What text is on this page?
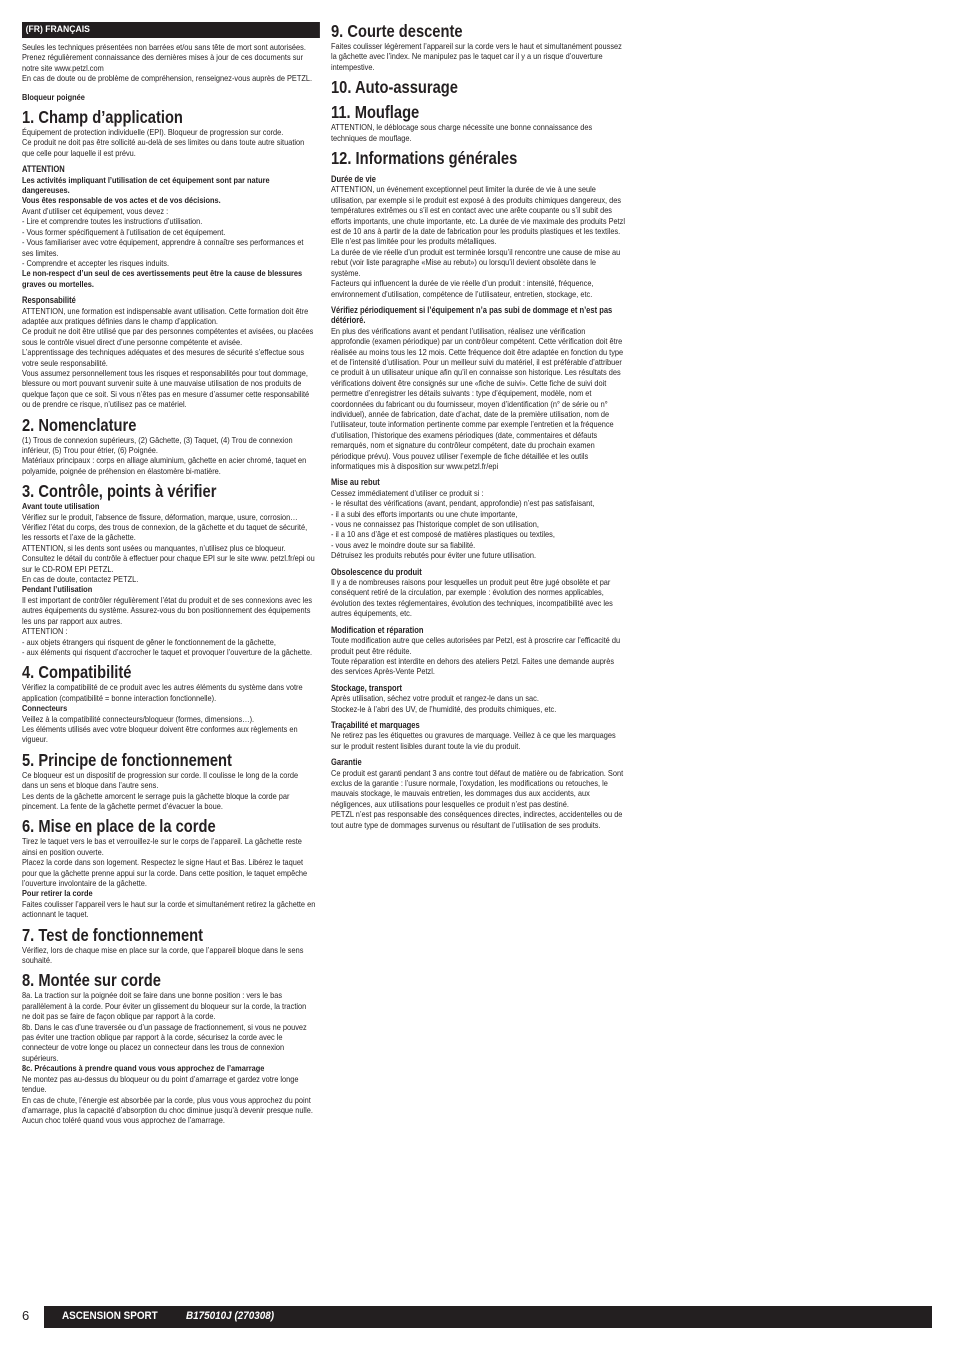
(FR) FRANÇAIS

Seules les techniques présentées non barrées et/ou sans tête de mort sont autorisées. Prenez régulièrement connaissance des dernières mises à jour de ces documents sur notre site www.petzl.com

En cas de doute ou de problème de compréhension, renseignez-vous auprès de PETZL.

Bloqueur poignée

1. Champ d’application

Équipement de protection individuelle (EPI). Bloqueur de progression sur corde.

Ce produit ne doit pas être sollicité au-delà de ses limites ou dans toute autre situation que celle pour laquelle il est prévu.

ATTENTION

Les activités impliquant l’utilisation de cet équipement sont par nature dangereuses.

Vous êtes responsable de vos actes et de vos décisions.

Avant d’utiliser cet équipement, vous devez :

- Lire et comprendre toutes les instructions d’utilisation.

- Vous former spécifiquement à l’utilisation de cet équipement.

- Vous familiariser avec votre équipement, apprendre à connaître ses performances et ses limites.

- Comprendre et accepter les risques induits.

Le non-respect d’un seul de ces avertissements peut être la cause de blessures graves ou mortelles.

Responsabilité

ATTENTION, une formation est indispensable avant utilisation. Cette formation doit être adaptée aux pratiques définies dans le champ d’application.

Ce produit ne doit être utilisé que par des personnes compétentes et avisées, ou placées sous le contrôle visuel direct d’une personne compétente et avisée.

L’apprentissage des techniques adéquates et des mesures de sécurité s’effectue sous votre seule responsabilité.

Vous assumez personnellement tous les risques et responsabilités pour tout dommage, blessure ou mort pouvant survenir suite à une mauvaise utilisation de nos produits de quelque façon que ce soit. Si vous n’êtes pas en mesure d’assumer cette responsabilité ou de prendre ce risque, n’utilisez pas ce matériel.

2. Nomenclature

(1) Trous de connexion supérieurs, (2) Gâchette, (3) Taquet, (4) Trou de connexion inférieur, (5) Trou pour étrier, (6) Poignée.

Matériaux principaux : corps en alliage aluminium, gâchette en acier chromé, taquet en polyamide, poignée de préhension en élastomère bi-matière.

3. Contrôle, points à vérifier

Avant toute utilisation

Vérifiez sur le produit, l’absence de fissure, déformation, marque, usure, corrosion…

Vérifiez l’état du corps, des trous de connexion, de la gâchette et du taquet de sécurité, les ressorts et l’axe de la gâchette.

ATTENTION, si les dents sont usées ou manquantes, n’utilisez plus ce bloqueur.

Consultez le détail du contrôle à effectuer pour chaque EPI sur le site www. petzl.fr/epi ou sur le CD-ROM EPI PETZL.

En cas de doute, contactez PETZL.

Pendant l’utilisation

Il est important de contrôler régulièrement l’état du produit et de ses connexions avec les autres équipements du système. Assurez-vous du bon positionnement des équipements les uns par rapport aux autres.

ATTENTION :

- aux objets étrangers qui risquent de gêner le fonctionnement de la gâchette,

- aux éléments qui risquent d’accrocher le taquet et provoquer l’ouverture de la gâchette.

4. Compatibilité

Vérifiez la compatibilité de ce produit avec les autres éléments du système dans votre application (compatibilité = bonne interaction fonctionnelle).

Connecteurs

Veillez à la compatibilité connecteurs/bloqueur (formes, dimensions…).

Les éléments utilisés avec votre bloqueur doivent être conformes aux règlements en vigueur.

5. Principe de fonctionnement

Ce bloqueur est un dispositif de progression sur corde. Il coulisse le long de la corde dans un sens et bloque dans l’autre sens.

Les dents de la gâchette amorcent le serrage puis la gâchette bloque la corde par pincement. La fente de la gâchette permet d’évacuer la boue.

6. Mise en place de la corde

Tirez le taquet vers le bas et verrouillez-le sur le corps de l’appareil. La gâchette reste ainsi en position ouverte.

Placez la corde dans son logement. Respectez le signe Haut et Bas. Libérez le taquet pour que la gâchette prenne appui sur la corde. Dans cette position, le taquet empêche l’ouverture involontaire de la gâchette.

Pour retirer la corde

Faites coulisser l’appareil vers le haut sur la corde et simultanément retirez la gâchette en actionnant le taquet.

7. Test de fonctionnement

Vérifiez, lors de chaque mise en place sur la corde, que l’appareil bloque dans le sens souhaité.

8. Montée sur corde

8a. La traction sur la poignée doit se faire dans une bonne position : vers le bas parallèlement à la corde. Pour éviter un glissement du bloqueur sur la corde, la traction ne doit pas se faire de façon oblique par rapport à la corde.

8b. Dans le cas d’une traversée ou d’un passage de fractionnement, si vous ne pouvez pas éviter une traction oblique par rapport à la corde, sécurisez la corde avec le connecteur de votre longe ou placez un connecteur dans les trous de connexion supérieurs.

8c. Précautions à prendre quand vous vous approchez de l’amarrage

Ne montez pas au-dessus du bloqueur ou du point d’amarrage et gardez votre longe tendue.

En cas de chute, l’énergie est absorbée par la corde, plus vous vous approchez du point d’amarrage, plus la capacité d’absorption du choc diminue jusqu’à devenir presque nulle.

Aucun choc toléré quand vous vous approchez de l’amarrage.

9. Courte descente

Faites coulisser légèrement l’appareil sur la corde vers le haut et simultanément poussez la gâchette avec l’index. Ne manipulez pas le taquet car il y a un risque d’ouverture intempestive.

10. Auto-assurage
11. Mouflage

ATTENTION, le déblocage sous charge nécessite une bonne connaissance des techniques de mouflage.

12. Informations générales

Durée de vie

ATTENTION, un événement exceptionnel peut limiter la durée de vie à une seule utilisation, par exemple si le produit est exposé à des produits chimiques dangereux, des températures extrêmes ou s’il est en contact avec une arête coupante ou s’il subit des efforts importants, une chute importante, etc. La durée de vie maximale des produits Petzl est de 10 ans à partir de la date de fabrication pour les produits plastiques et les textiles. Elle n’est pas limitée pour les produits métalliques.

La durée de vie réelle d’un produit est terminée lorsqu’il rencontre une cause de mise au rebut (voir liste paragraphe «Mise au rebut») ou lorsqu’il devient obsolète dans le système.

Facteurs qui influencent la durée de vie réelle d’un produit : intensité, fréquence, environnement d’utilisation, compétence de l’utilisateur, entretien, stockage, etc.

Vérifiez périodiquement si l’équipement n’a pas subi de dommage et n’est pas détérioré.

En plus des vérifications avant et pendant l’utilisation, réalisez une vérification approfondie (examen périodique) par un contrôleur compétent. Cette vérification doit être réalisée au moins tous les 12 mois. Cette fréquence doit être adaptée en fonction du type et de l’intensité d’utilisation. Pour un meilleur suivi du matériel, il est préférable d’attribuer ce produit à un utilisateur unique afin qu’il en connaisse son historique. Les résultats des vérifications doivent être consignés sur une «fiche de suivi». Cette fiche de suivi doit permettre d’enregistrer les détails suivants : type d’équipement, modèle, nom et coordonnées du fabricant ou du fournisseur, moyen d’identification (n° de série ou n° individuel), année de fabrication, date d’achat, date de la première utilisation, nom de l’utilisateur, toute information pertinente comme par exemple l’entretien et la fréquence d’utilisation, l’historique des examens périodiques (date, commentaires et défauts remarqués, nom et signature du contrôleur compétent, date du prochain examen périodique prévu). Vous pouvez utiliser l’exemple de fiche détaillée et les outils informatiques mis à disposition sur www.petzl.fr/epi

Mise au rebut

Cessez immédiatement d’utiliser ce produit si :

- le résultat des vérifications (avant, pendant, approfondie) n’est pas satisfaisant,

- il a subi des efforts importants ou une chute importante,

- vous ne connaissez pas l’historique complet de son utilisation,

- il a 10 ans d’âge et est composé de matières plastiques ou textiles,

- vous avez le moindre doute sur sa fiabilité.

Détruisez les produits rebutés pour éviter une future utilisation.

Obsolescence du produit

Il y a de nombreuses raisons pour lesquelles un produit peut être jugé obsolète et par conséquent retiré de la circulation, par exemple : évolution des normes applicables, évolution des textes réglementaires, évolution des techniques, incompatibilité avec les autres équipements, etc.

Modification et réparation

Toute modification autre que celles autorisées par Petzl, est à proscrire car l’efficacité du produit peut être réduite.

Toute réparation est interdite en dehors des ateliers Petzl. Faites une demande auprès des services Après-Vente Petzl.

Stockage, transport

Après utilisation, séchez votre produit et rangez-le dans un sac.

Stockez-le à l’abri des UV, de l’humidité, des produits chimiques, etc.

Traçabilité et marquages

Ne retirez pas les étiquettes ou gravures de marquage. Veillez à ce que les marquages sur le produit restent lisibles durant toute la vie du produit.

Garantie

Ce produit est garanti pendant 3 ans contre tout défaut de matière ou de fabrication. Sont exclus de la garantie : l’usure normale, l’oxydation, les modifications ou retouches, le mauvais stockage, le mauvais entretien, les dommages dus aux accidents, aux négligences, aux utilisations pour lesquelles ce produit n’est pas destiné.

PETZL n’est pas responsable des conséquences directes, indirectes, accidentelles ou de tout autre type de dommages survenus ou résultant de l’utilisation de ses produits.

6	ASCENSION SPORT	B175010J (270308)
